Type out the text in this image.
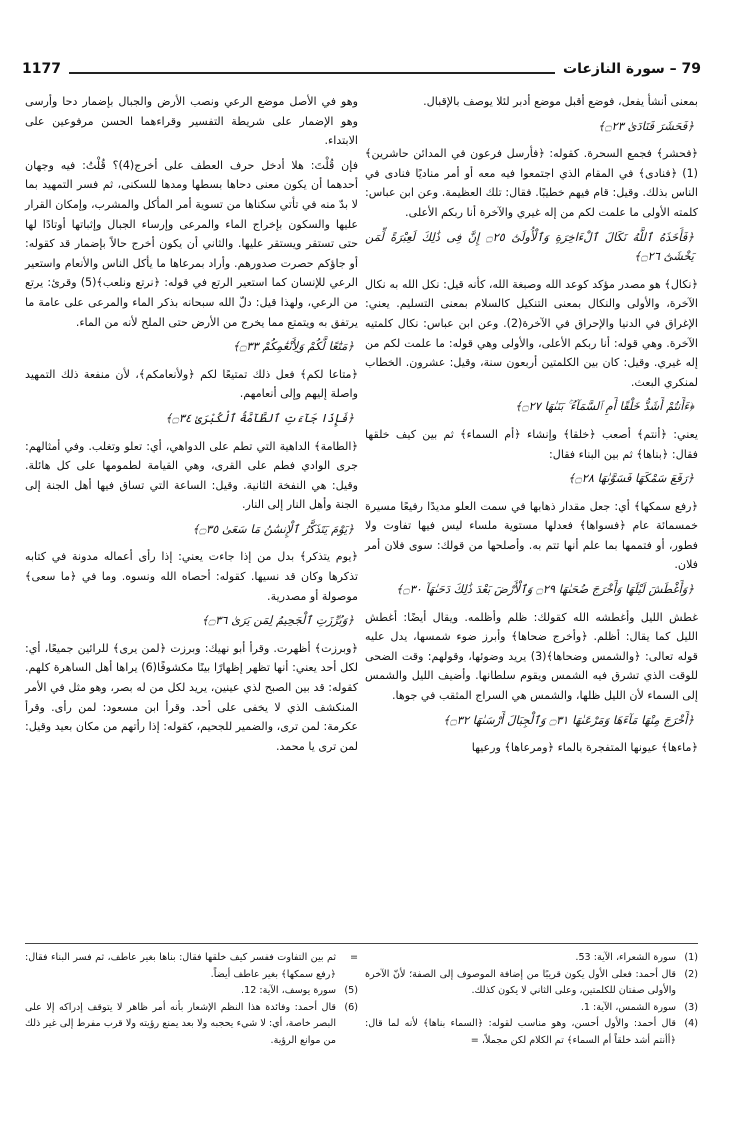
1177	79 – سورة النازعات

بمعنى أنشأ يفعل، فوضع أقبل موضع أدبر لئلا يوصف بالإقبال.

﴿فَحَشَرَ فَنَادَىٰ ۝٢٣﴾

﴿فحشر﴾ فجمع السحرة. كقوله: ﴿فأرسل فرعون في المدائن حاشرين﴾(1) ﴿فنادى﴾ في المقام الذي اجتمعوا فيه معه أو أمر مناديًا فنادى في الناس بذلك. وقيل: قام فيهم خطيبًا. فقال: تلك العظيمة. وعن ابن عباس: كلمته الأولى ما علمت لكم من إله غيري والآخرة أنا ربكم الأعلى.

﴿فَأَخَذَهُ ٱللَّهُ نَكَالَ ٱلْءَاخِرَةِ وَٱلْأُولَىٰٓ ۝٢٥ إِنَّ فِى ذَٰلِكَ لَعِبْرَةً لِّمَن يَخْشَىٰٓ ۝٢٦﴾

﴿نكال﴾ هو مصدر مؤكد كوعد الله وصبغة الله، كأنه قيل: نكل الله به نكال الآخرة، والأولى والنكال بمعنى التنكيل كالسلام بمعنى التسليم. يعني: الإغراق في الدنيا والإحراق في الآخرة(2). وعن ابن عباس: نكال كلمتيه الآخرة. وهي قوله: أنا ربكم الأعلى، والأولى وهي قوله: ما علمت لكم من إله غيري. وقيل: كان بين الكلمتين أربعون سنة، وقيل: عشرون. الخطاب لمنكري البعث.

﴿ءَأَنتُمْ أَشَدُّ خَلْقًا أَمِ ٱلسَّمَآءُ ۚ بَنَىٰهَا ۝٢٧﴾

يعني: ﴿أنتم﴾ أصعب ﴿خلقا﴾ وإنشاء ﴿أم السماء﴾ ثم بين كيف خلقها فقال: ﴿بناها﴾ ثم بين البناء فقال:

﴿رَفَعَ سَمْكَهَا فَسَوَّىٰهَا ۝٢٨﴾

﴿رفع سمكها﴾ أي: جعل مقدار ذهابها في سمت العلو مديدًا رفيعًا مسيرة خمسمائة عام ﴿فسواها﴾ فعدلها مستوية ملساء ليس فيها تفاوت ولا فطور، أو فتممها بما علم أنها تتم به. وأصلحها من قولك: سوى فلان أمر فلان.

﴿وَأَغْطَشَ لَيْلَهَا وَأَخْرَجَ ضُحَىٰهَا ۝٢٩ وَٱلْأَرْضَ بَعْدَ ذَٰلِكَ دَحَىٰهَآ ۝٣٠﴾

غطش الليل وأغطشه الله كقولك: ظلم وأظلمه. ويقال أيضًا: أغطش الليل كما يقال: أظلم. ﴿وأخرج ضحاها﴾ وأبرز ضوء شمسها، يدل عليه قوله تعالى: ﴿والشمس وضحاها﴾(3) يريد وضوئها، وقولهم: وقت الضحى للوقت الذي تشرق فيه الشمس ويقوم سلطانها. وأضيف الليل والشمس إلى السماء لأن الليل ظلها، والشمس هي السراج المثقب في جوها.

﴿أَخْرَجَ مِنْهَا مَآءَهَا وَمَرْعَىٰهَا ۝٣١ وَٱلْجِبَالَ أَرْسَىٰهَا ۝٣٢﴾

﴿ماءها﴾ عيونها المتفجرة بالماء ﴿ومرعاها﴾ ورعيها

وهو في الأصل موضع الرعي ونصب الأرض والجبال بإضمار دحا وأرسى وهو الإضمار على شريطة التفسير وقراءهما الحسن مرفوعين على الابتداء.

فإن قُلْتَ: هلا أدخل حرف العطف على أخرج(4)؟ قُلْتُ: فيه وجهان أحدهما أن يكون معنى دحاها بسطها ومدها للسكنى، ثم فسر التمهيد بما لا بدّ منه في تأتي سكناها من تسوية أمر المأكل والمشرب، وإمكان القرار عليها والسكون بإخراج الماء والمرعى وإرساء الجبال وإثباتها أوتادًا لها حتى تستقر ويستقر عليها. والثاني أن يكون أخرج حالاً بإضمار قد كقوله: أو جاؤكم حصرت صدورهم. وأراد بمرعاها ما يأكل الناس والأنعام واستعير الرعي للإنسان كما استعير الرتع في قوله: ﴿نرتع ونلعب﴾(5) وقرئ: يرتع من الرعي، ولهذا قيل: دلّ الله سبحانه بذكر الماء والمرعى على عامة ما يرتفق به ويتمتع مما يخرج من الأرض حتى الملح لأنه من الماء.

﴿مَتَٰعًا لَّكُمْ وَلِأَنْعَٰمِكُمْ ۝٣٣﴾

﴿متاعا لكم﴾ فعل ذلك تمتيعًا لكم ﴿ولأنعامكم﴾، لأن منفعة ذلك التمهيد واصلة إليهم وإلى أنعامهم.

﴿فَإِذَا جَآءَتِ ٱلطَّآمَّةُ ٱلْكُبْرَىٰ ۝٣٤﴾

﴿الطامة﴾ الداهية التي تطم على الدواهي، أي: تعلو وتغلب. وفي أمثالهم: جرى الوادي فطم على القرى، وهي القيامة لطمومها على كل هائلة. وقيل: هي النفخة الثانية. وقيل: الساعة التي تساق فيها أهل الجنة إلى الجنة وأهل النار إلى النار.

﴿يَوْمَ يَتَذَكَّرُ ٱلْإِنسَٰنُ مَا سَعَىٰ ۝٣٥﴾

﴿يوم يتذكر﴾ بدل من إذا جاءت يعني: إذا رأى أعماله مدونة في كتابه تذكرها وكان قد نسيها. كقوله: أحصاه الله ونسوه. وما في ﴿ما سعى﴾ موصولة أو مصدرية.

﴿وَبُرِّزَتِ ٱلْجَحِيمُ لِمَن يَرَىٰ ۝٣٦﴾

﴿وبرزت﴾ أظهرت. وقرأ أبو نهيك: وبرزت ﴿لمن يرى﴾ للرائين جميعًا، أي: لكل أحد يعني: أنها تظهر إظهارًا بينًا مكشوفًا(6) يراها أهل الساهرة كلهم. كقوله: قد بين الصبح لذي عينين، يريد لكل من له بصر، وهو مثل في الأمر المنكشف الذي لا يخفى على أحد. وقرأ ابن مسعود: لمن رأى. وقرأ عكرمة: لمن ترى، والضمير للجحيم، كقوله: إذا رأتهم من مكان بعيد وقيل: لمن ترى يا محمد.

(1)
سورة الشعراء، الآية: 53.
(2)
قال أحمد: فعلى الأول يكون قريبًا من إضافة الموصوف إلى الصفة؛ لأنّ الآخرة والأولى صفتان للكلمتين، وعلى الثاني لا يكون كذلك.
(3)
سورة الشمس، الآية: 1.
(4)
قال أحمد: والأول أحسن، وهو مناسب لقوله: ﴿السماء بناها﴾ لأنه لما قال: ﴿أأنتم أشد خلقاً أم السماء﴾ تم الكلام لكن مجملاً، =
=
ثم بين التفاوت ففسر كيف خلقها فقال: بناها بغير عاطف، ثم فسر البناء فقال: ﴿رفع سمكها﴾ بغير عاطف أيضاً.
(5)
سورة يوسف، الآية: 12.
(6)
قال أحمد: وفائدة هذا النظم الإشعار بأنه أمر ظاهر لا يتوقف إدراكه إلا على البصر خاصة، أي: لا شيء يحجبه ولا بعد يمنع رؤيته ولا قرب مفرط إلى غير ذلك من موانع الرؤية.
